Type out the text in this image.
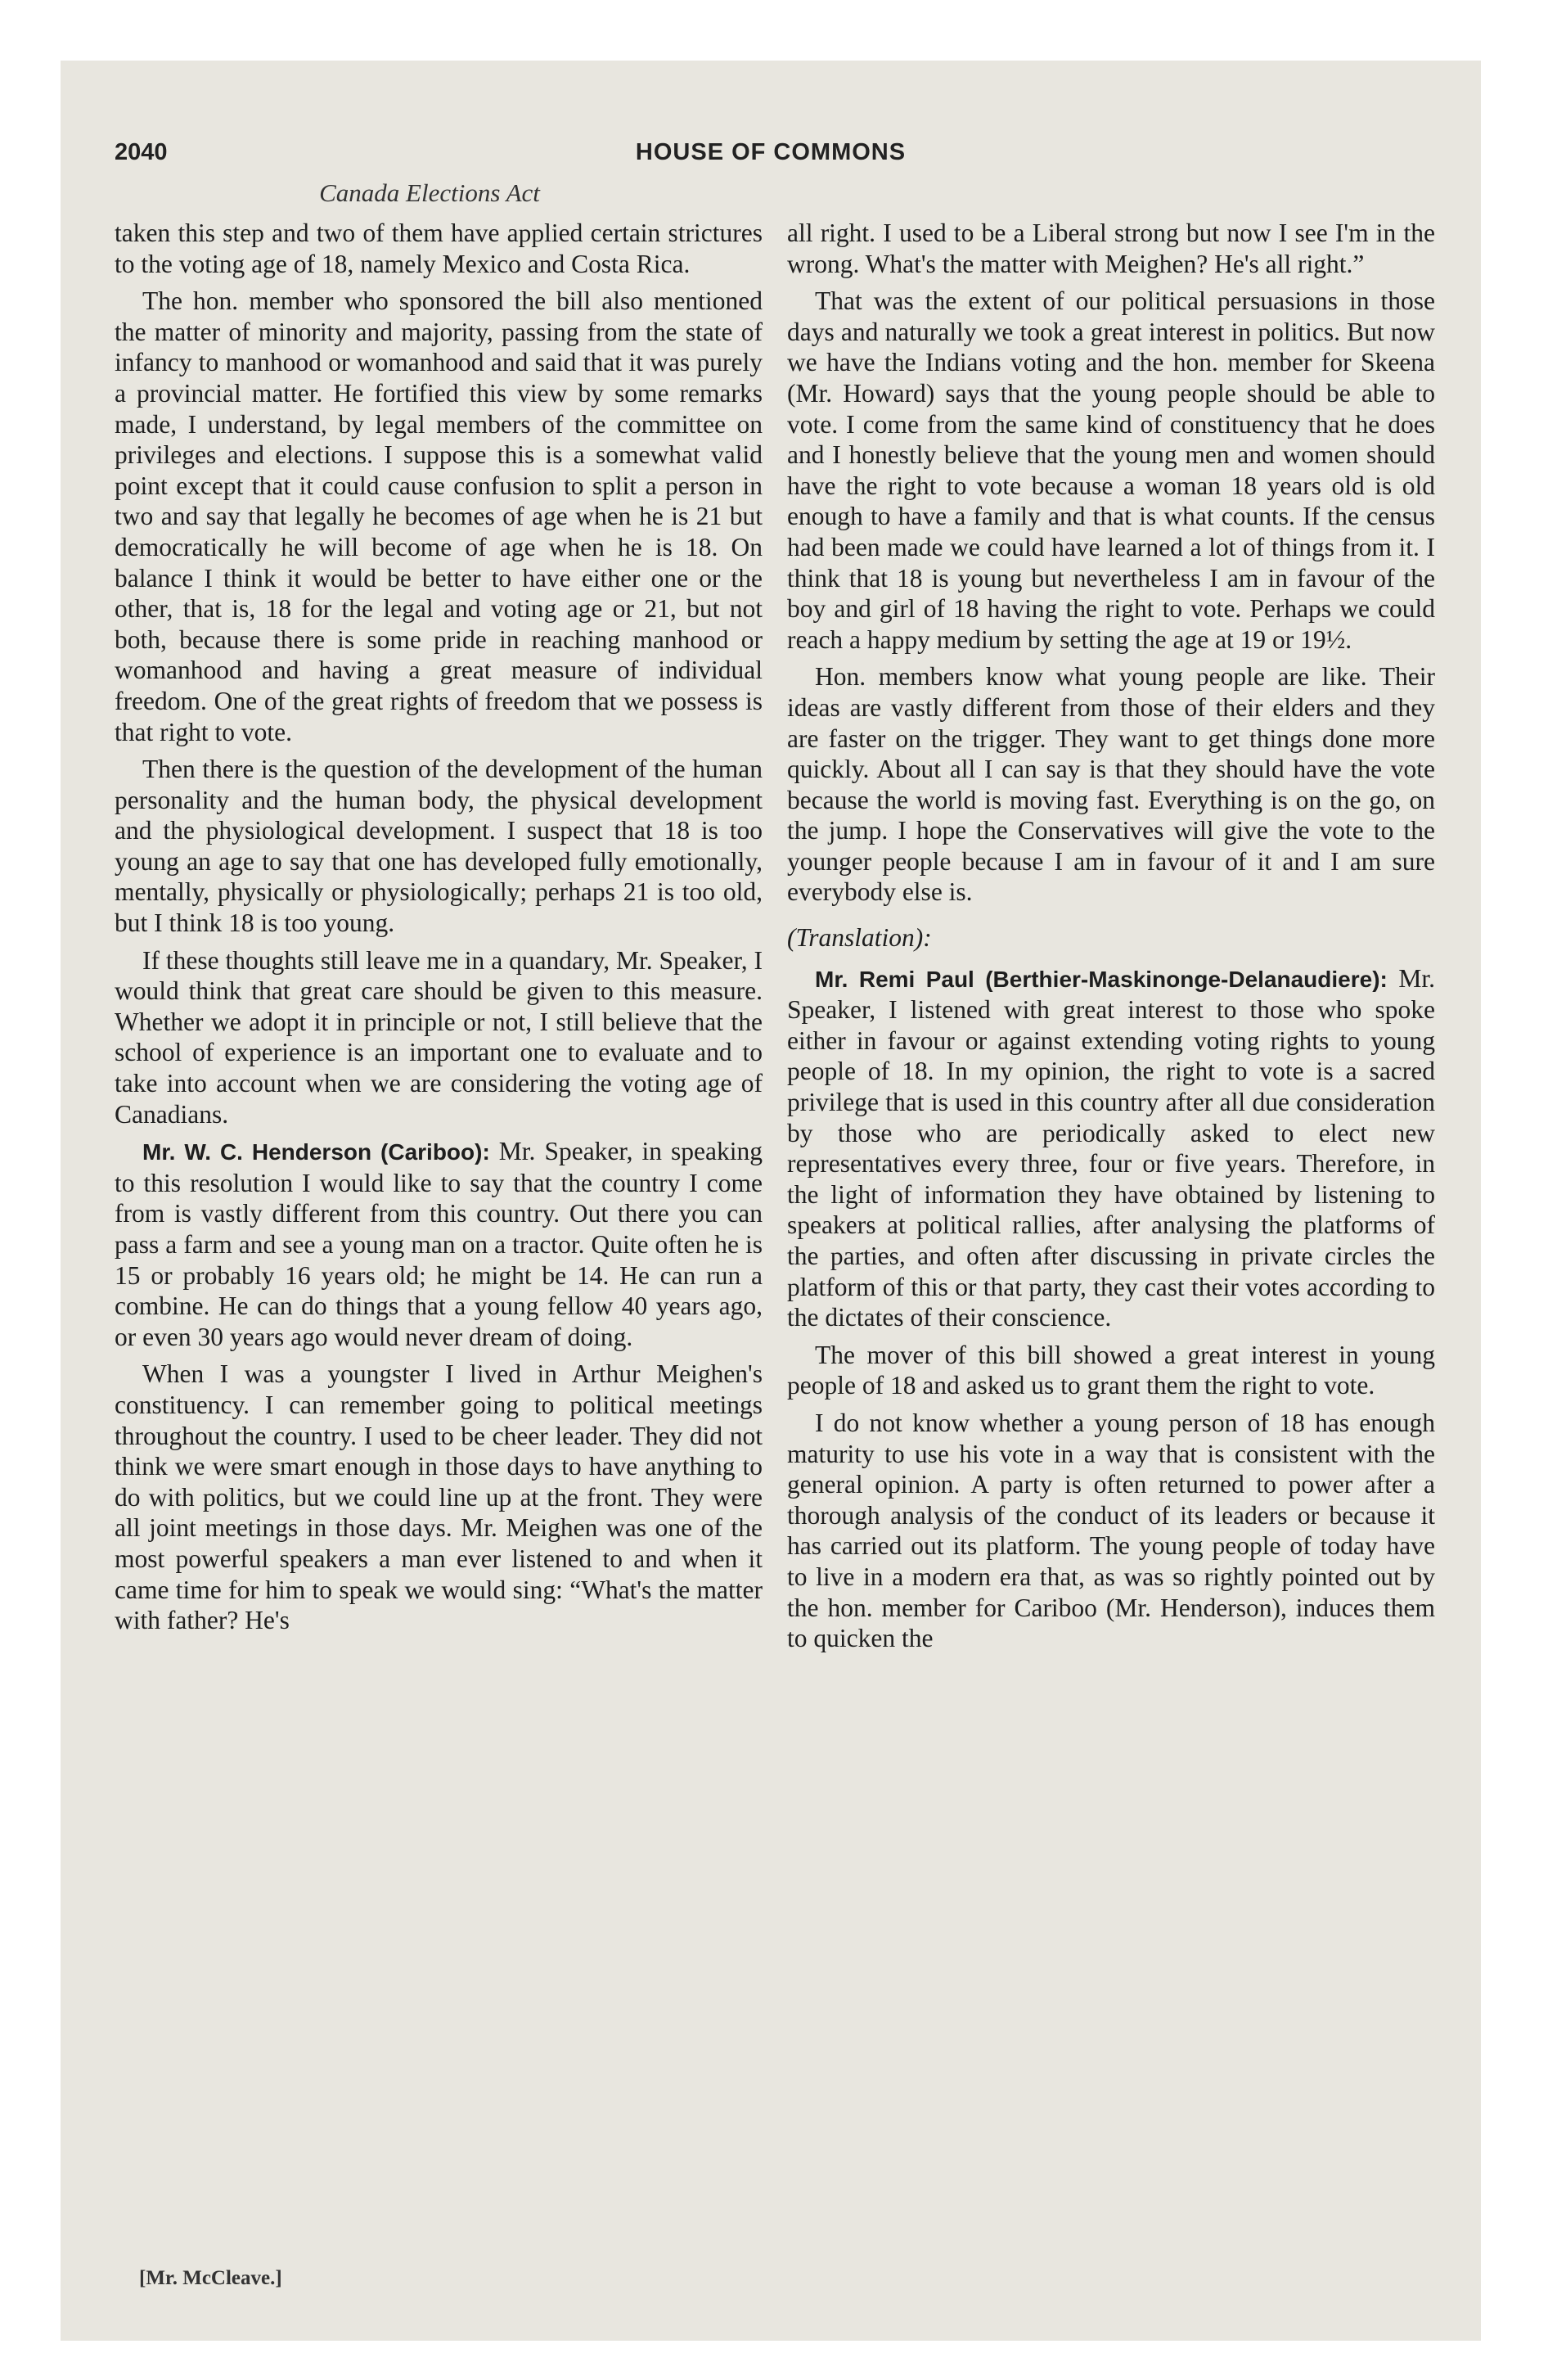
2040	HOUSE OF COMMONS
Canada Elections Act

taken this step and two of them have applied certain strictures to the voting age of 18, namely Mexico and Costa Rica.

The hon. member who sponsored the bill also mentioned the matter of minority and majority, passing from the state of infancy to manhood or womanhood and said that it was purely a provincial matter. He fortified this view by some remarks made, I understand, by legal members of the committee on privileges and elections. I suppose this is a somewhat valid point except that it could cause confusion to split a person in two and say that legally he becomes of age when he is 21 but democratically he will become of age when he is 18. On balance I think it would be better to have either one or the other, that is, 18 for the legal and voting age or 21, but not both, because there is some pride in reaching manhood or womanhood and having a great measure of individual freedom. One of the great rights of freedom that we possess is that right to vote.

Then there is the question of the development of the human personality and the human body, the physical development and the physiological development. I suspect that 18 is too young an age to say that one has developed fully emotionally, mentally, physically or physiologically; perhaps 21 is too old, but I think 18 is too young.

If these thoughts still leave me in a quandary, Mr. Speaker, I would think that great care should be given to this measure. Whether we adopt it in principle or not, I still believe that the school of experience is an important one to evaluate and to take into account when we are considering the voting age of Canadians.

Mr. W. C. Henderson (Cariboo): Mr. Speaker, in speaking to this resolution I would like to say that the country I come from is vastly different from this country. Out there you can pass a farm and see a young man on a tractor. Quite often he is 15 or probably 16 years old; he might be 14. He can run a combine. He can do things that a young fellow 40 years ago, or even 30 years ago would never dream of doing.

When I was a youngster I lived in Arthur Meighen's constituency. I can remember going to political meetings throughout the country. I used to be cheer leader. They did not think we were smart enough in those days to have anything to do with politics, but we could line up at the front. They were all joint meetings in those days. Mr. Meighen was one of the most powerful speakers a man ever listened to and when it came time for him to speak we would sing: “What's the matter with father? He's

all right. I used to be a Liberal strong but now I see I'm in the wrong. What's the matter with Meighen? He's all right.”

That was the extent of our political persuasions in those days and naturally we took a great interest in politics. But now we have the Indians voting and the hon. member for Skeena (Mr. Howard) says that the young people should be able to vote. I come from the same kind of constituency that he does and I honestly believe that the young men and women should have the right to vote because a woman 18 years old is old enough to have a family and that is what counts. If the census had been made we could have learned a lot of things from it. I think that 18 is young but nevertheless I am in favour of the boy and girl of 18 having the right to vote. Perhaps we could reach a happy medium by setting the age at 19 or 19½.

Hon. members know what young people are like. Their ideas are vastly different from those of their elders and they are faster on the trigger. They want to get things done more quickly. About all I can say is that they should have the vote because the world is moving fast. Everything is on the go, on the jump. I hope the Conservatives will give the vote to the younger people because I am in favour of it and I am sure everybody else is.

(Translation):

Mr. Remi Paul (Berthier-Maskinonge-Delanaudiere): Mr. Speaker, I listened with great interest to those who spoke either in favour or against extending voting rights to young people of 18. In my opinion, the right to vote is a sacred privilege that is used in this country after all due consideration by those who are periodically asked to elect new representatives every three, four or five years. Therefore, in the light of information they have obtained by listening to speakers at political rallies, after analysing the platforms of the parties, and often after discussing in private circles the platform of this or that party, they cast their votes according to the dictates of their conscience.

The mover of this bill showed a great interest in young people of 18 and asked us to grant them the right to vote.

I do not know whether a young person of 18 has enough maturity to use his vote in a way that is consistent with the general opinion. A party is often returned to power after a thorough analysis of the conduct of its leaders or because it has carried out its platform. The young people of today have to live in a modern era that, as was so rightly pointed out by the hon. member for Cariboo (Mr. Henderson), induces them to quicken the

[Mr. McCleave.]
